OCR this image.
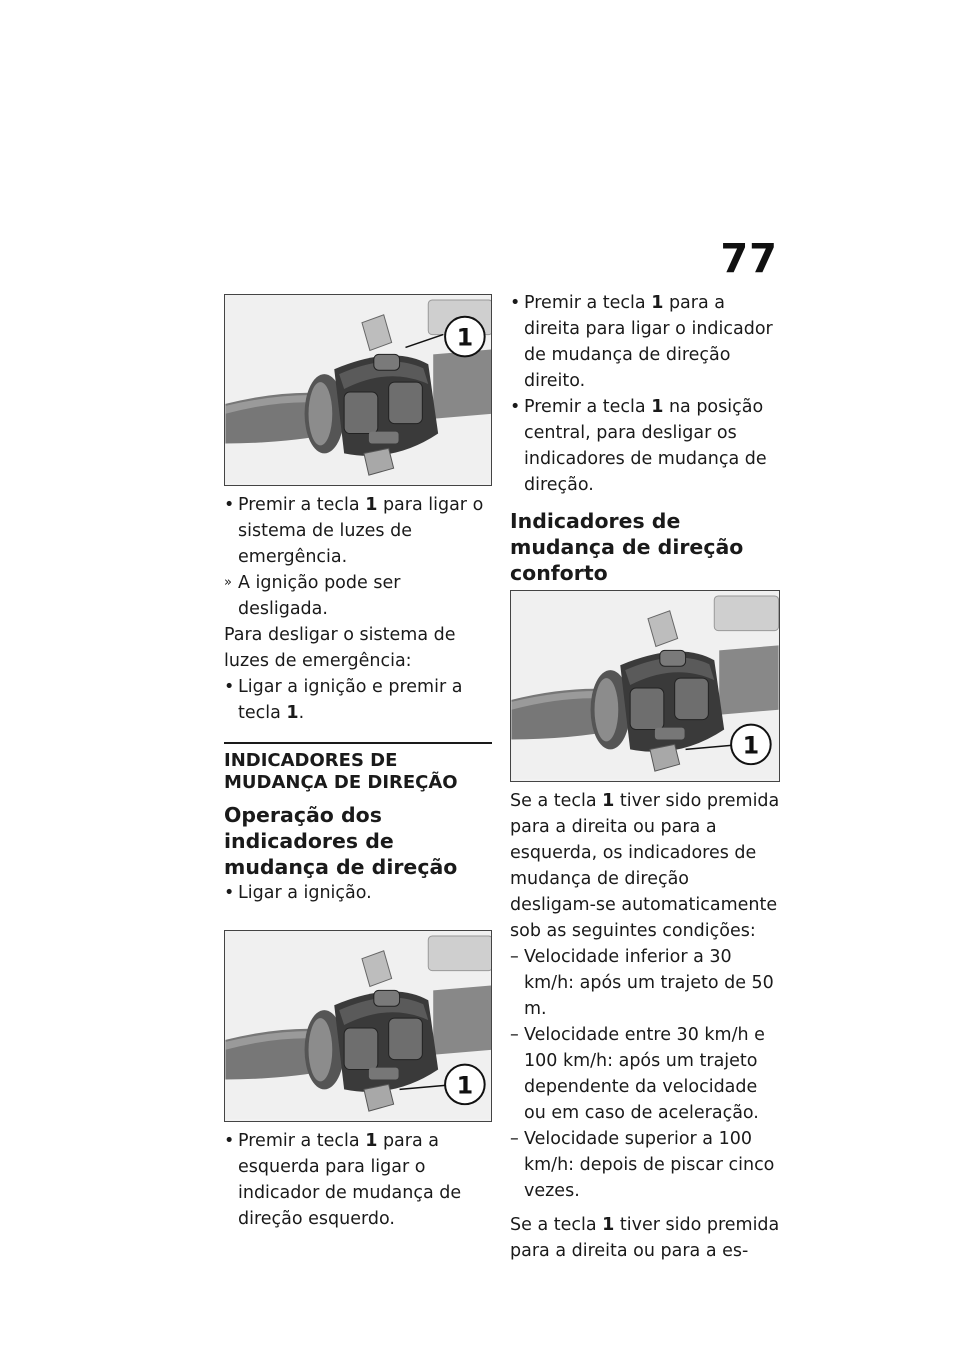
77
1

• Premir a tecla 1 para ligar o sistema de luzes de emergência.

» A ignição pode ser desligada.

Para desligar o sistema de luzes de emergência:

• Ligar a ignição e premir a tecla 1.

INDICADORES DE MUDANÇA DE DIREÇÃO
Operação dos indicadores de mudança de direção

• Ligar a ignição.

1

• Premir a tecla 1 para a esquerda para ligar o indicador de mudança de direção esquerdo.

• Premir a tecla 1 para a direita para ligar o indicador de mudança de direção direito.

• Premir a tecla 1 na posição central, para desligar os indicadores de mudança de direção.

Indicadores de mudança de direção conforto
1

Se a tecla 1 tiver sido premida para a direita ou para a esquerda, os indicadores de mudança de direção desligam-se automaticamente sob as seguintes condições:

– Velocidade inferior a 30 km/h: após um trajeto de 50 m.

– Velocidade entre 30 km/h e 100 km/h: após um trajeto dependente da velocidade ou em caso de aceleração.

– Velocidade superior a 100 km/h: depois de piscar cinco vezes.

Se a tecla 1 tiver sido premida para a direita ou para a es-
